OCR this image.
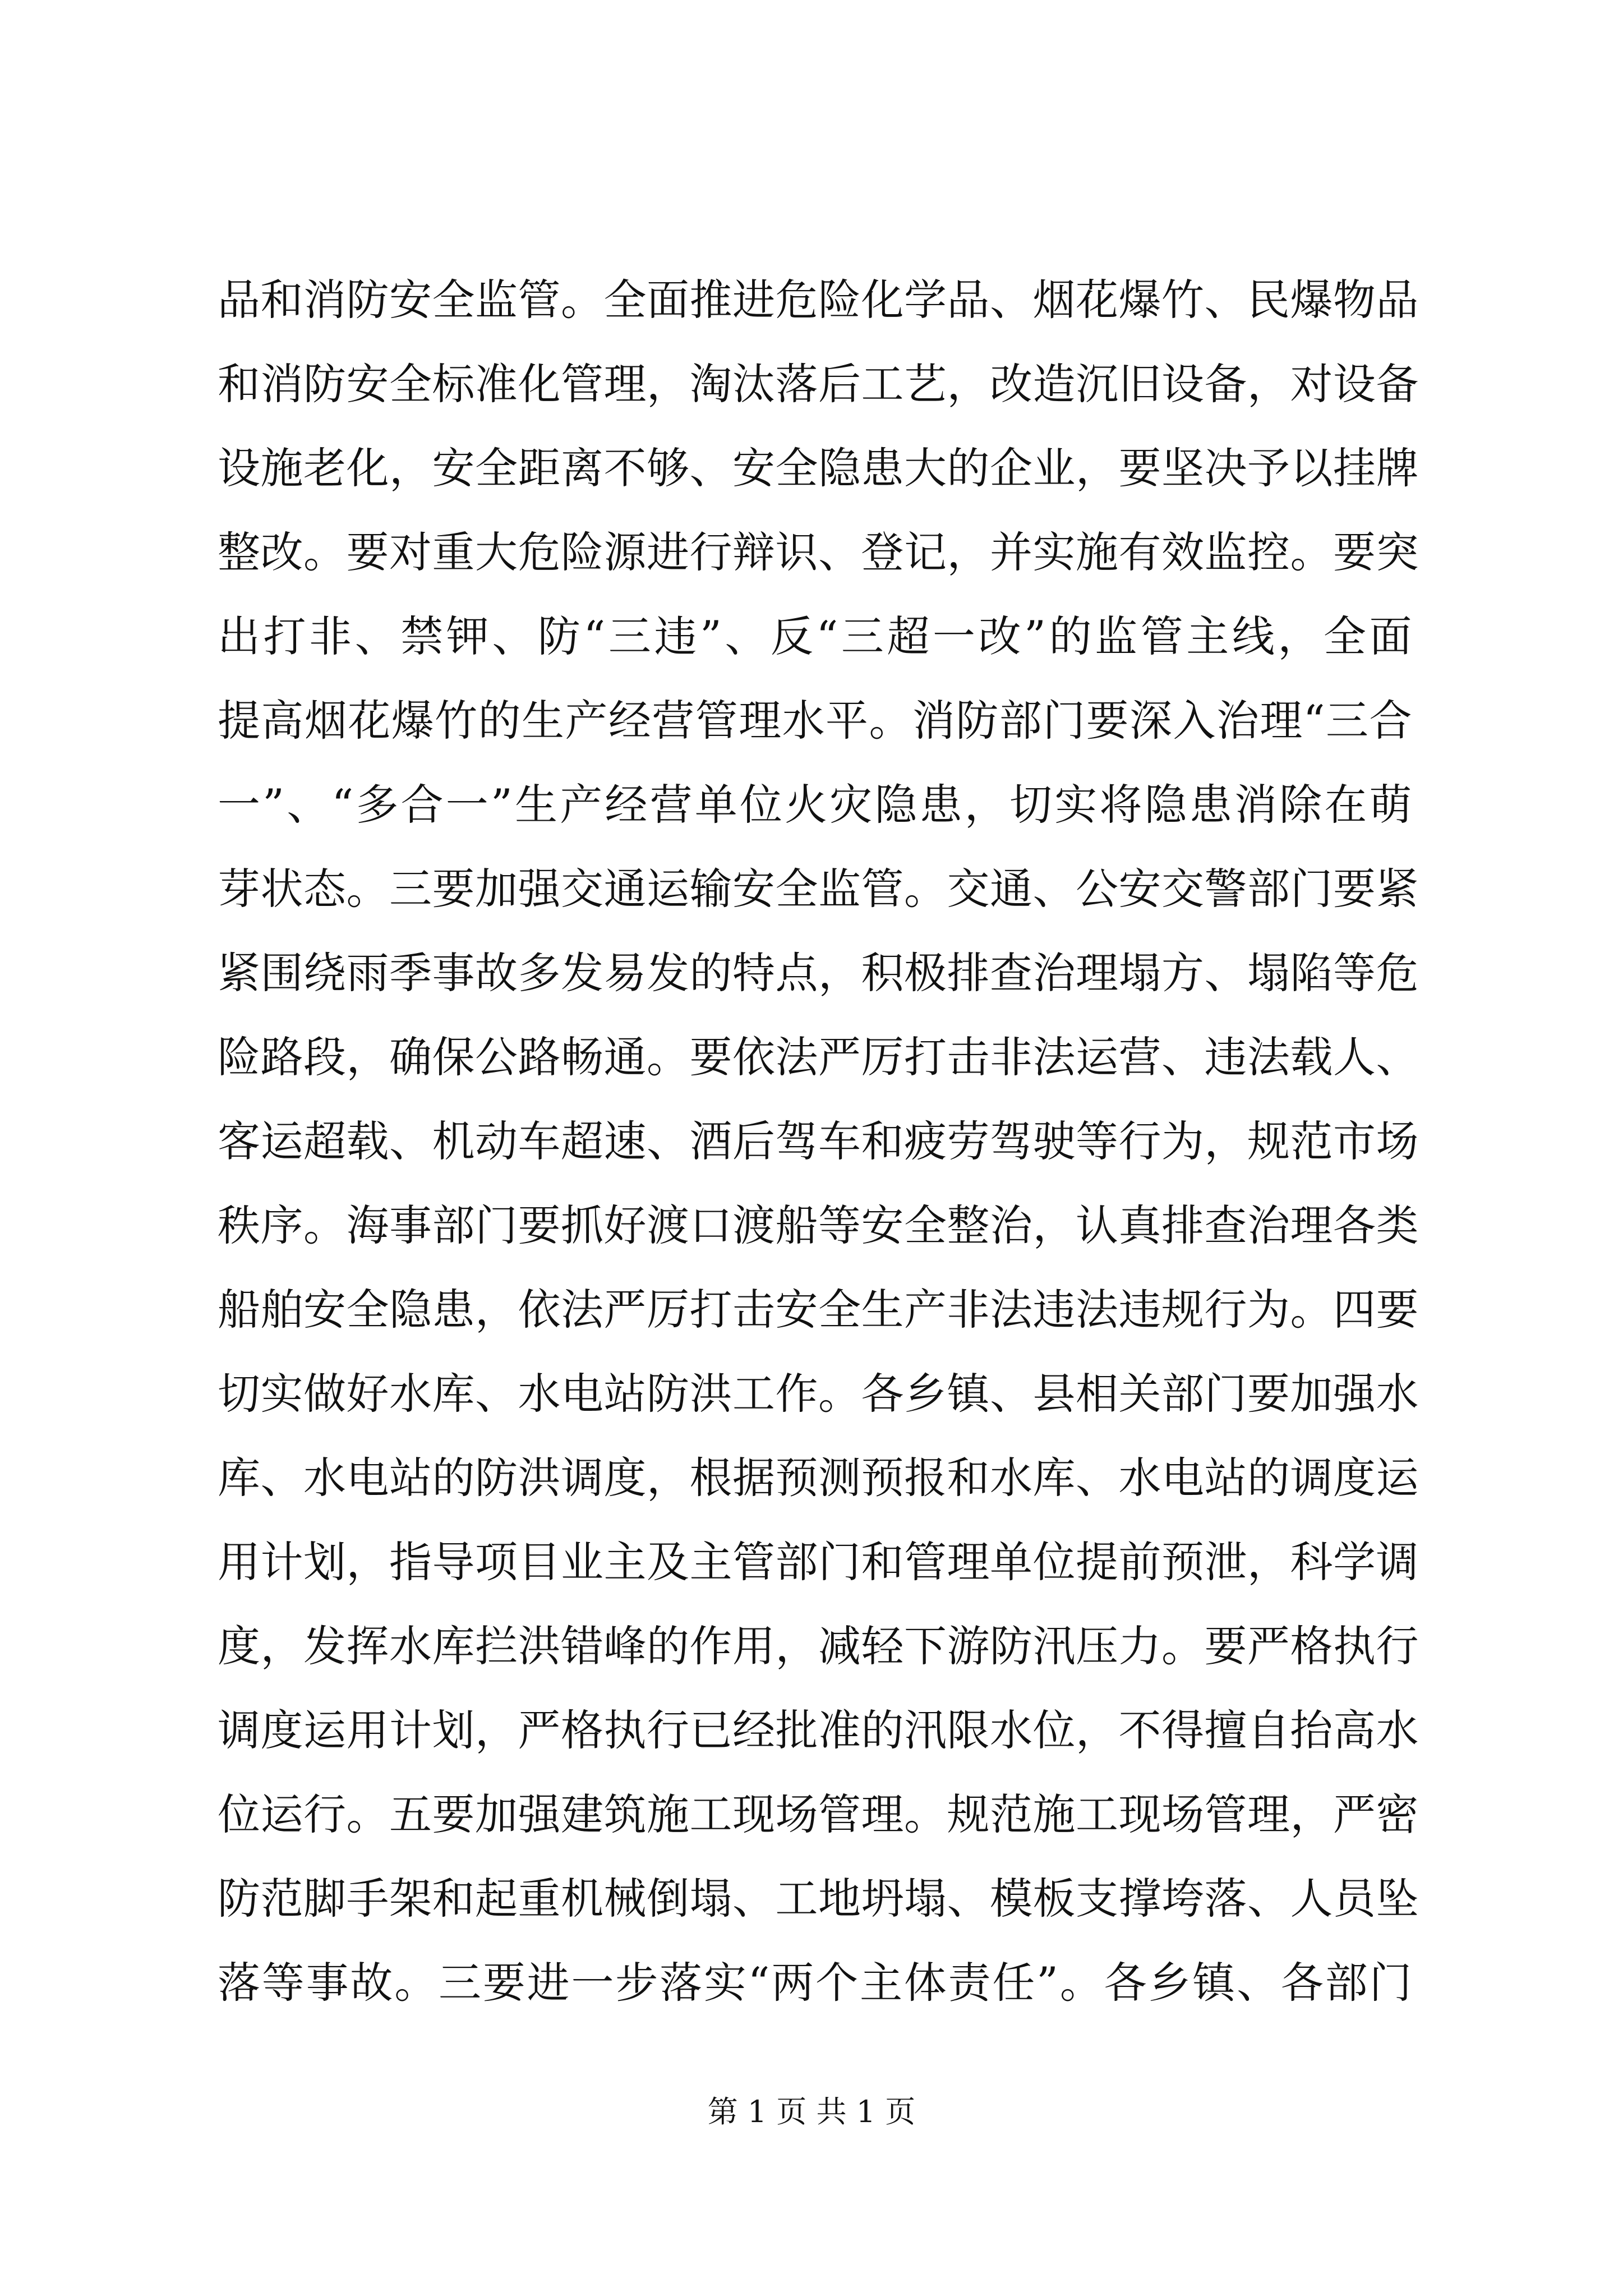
品和消防安全监管。全面推进危险化学品、烟花爆竹、民爆物品
和消防安全标准化管理，淘汰落后工艺，改造沉旧设备，对设备
设施老化，安全距离不够、安全隐患大的企业，要坚决予以挂牌
整改。要对重大危险源进行辩识、登记，并实施有效监控。要突
出打非、禁钾、防“三违”、反“三超一改”的监管主线，全面
提高烟花爆竹的生产经营管理水平。消防部门要深入治理“三合
一”、“多合一”生产经营单位火灾隐患，切实将隐患消除在萌
芽状态。三要加强交通运输安全监管。交通、公安交警部门要紧
紧围绕雨季事故多发易发的特点，积极排查治理塌方、塌陷等危
险路段，确保公路畅通。要依法严厉打击非法运营、违法载人、
客运超载、机动车超速、酒后驾车和疲劳驾驶等行为，规范市场
秩序。海事部门要抓好渡口渡船等安全整治，认真排查治理各类
船舶安全隐患，依法严厉打击安全生产非法违法违规行为。四要
切实做好水库、水电站防洪工作。各乡镇、县相关部门要加强水
库、水电站的防洪调度，根据预测预报和水库、水电站的调度运
用计划，指导项目业主及主管部门和管理单位提前预泄，科学调
度，发挥水库拦洪错峰的作用，减轻下游防汛压力。要严格执行
调度运用计划，严格执行已经批准的汛限水位，不得擅自抬高水
位运行。五要加强建筑施工现场管理。规范施工现场管理，严密
防范脚手架和起重机械倒塌、工地坍塌、模板支撑垮落、人员坠
落等事故。三要进一步落实“两个主体责任”。各乡镇、各部门
第 1 页 共 1 页
